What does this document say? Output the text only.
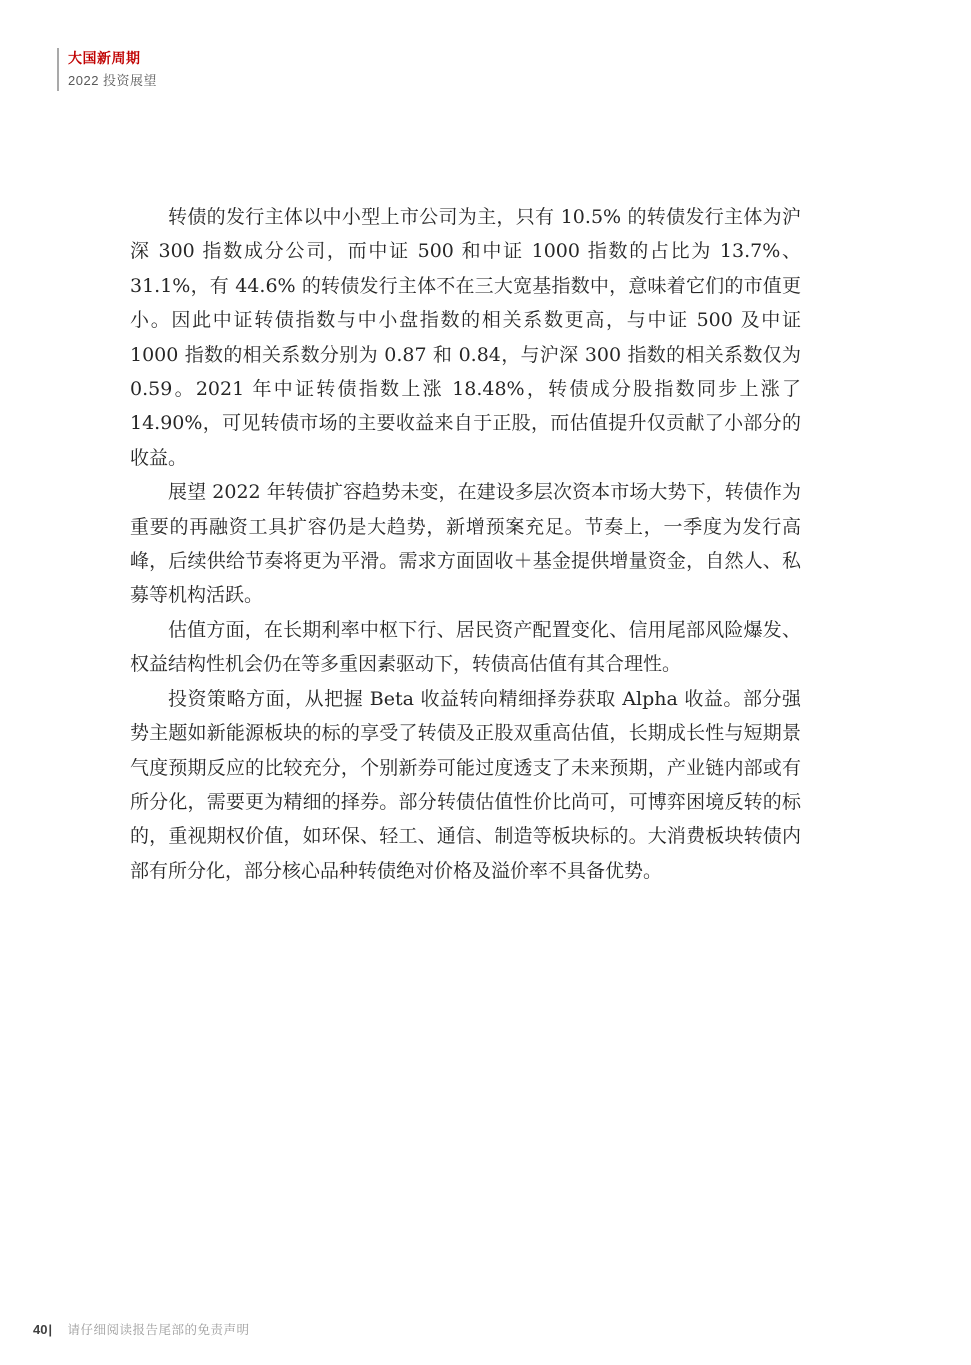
大国新周期
2022 投资展望

转债的发行主体以中小型上市公司为主，只有 10.5% 的转债发行主体为沪深 300 指数成分公司，而中证 500 和中证 1000 指数的占比为 13.7%、31.1%，有 44.6% 的转债发行主体不在三大宽基指数中，意味着它们的市值更小。因此中证转债指数与中小盘指数的相关系数更高，与中证 500 及中证 1000 指数的相关系数分别为 0.87 和 0.84，与沪深 300 指数的相关系数仅为 0.59。2021 年中证转债指数上涨 18.48%，转债成分股指数同步上涨了 14.90%，可见转债市场的主要收益来自于正股，而估值提升仅贡献了小部分的收益。

展望 2022 年转债扩容趋势未变，在建设多层次资本市场大势下，转债作为重要的再融资工具扩容仍是大趋势，新增预案充足。节奏上，一季度为发行高峰，后续供给节奏将更为平滑。需求方面固收＋基金提供增量资金，自然人、私募等机构活跃。

估值方面，在长期利率中枢下行、居民资产配置变化、信用尾部风险爆发、权益结构性机会仍在等多重因素驱动下，转债高估值有其合理性。

投资策略方面，从把握 Beta 收益转向精细择券获取 Alpha 收益。部分强势主题如新能源板块的标的享受了转债及正股双重高估值，长期成长性与短期景气度预期反应的比较充分，个别新券可能过度透支了未来预期，产业链内部或有所分化，需要更为精细的择券。部分转债估值性价比尚可，可博弈困境反转的标的，重视期权价值，如环保、轻工、通信、制造等板块标的。大消费板块转债内部有所分化，部分核心品种转债绝对价格及溢价率不具备优势。

40| 请仔细阅读报告尾部的免责声明
